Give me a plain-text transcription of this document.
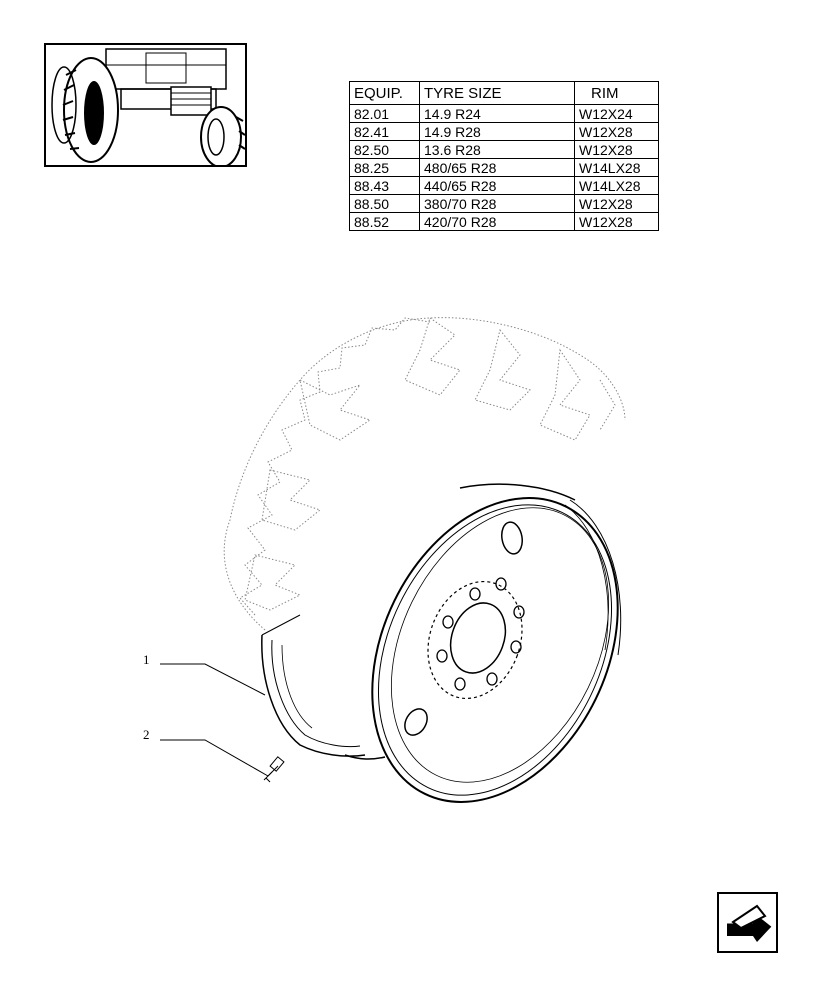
EQUIP.	TYRE SIZE	RIM
82.01	14.9 R24	W12X24
82.41	14.9 R28	W12X28
82.50	13.6 R28	W12X28
88.25	480/65 R28	W14LX28
88.43	440/65 R28	W14LX28
88.50	380/70 R28	W12X28
88.52	420/70 R28	W12X28
1
2
